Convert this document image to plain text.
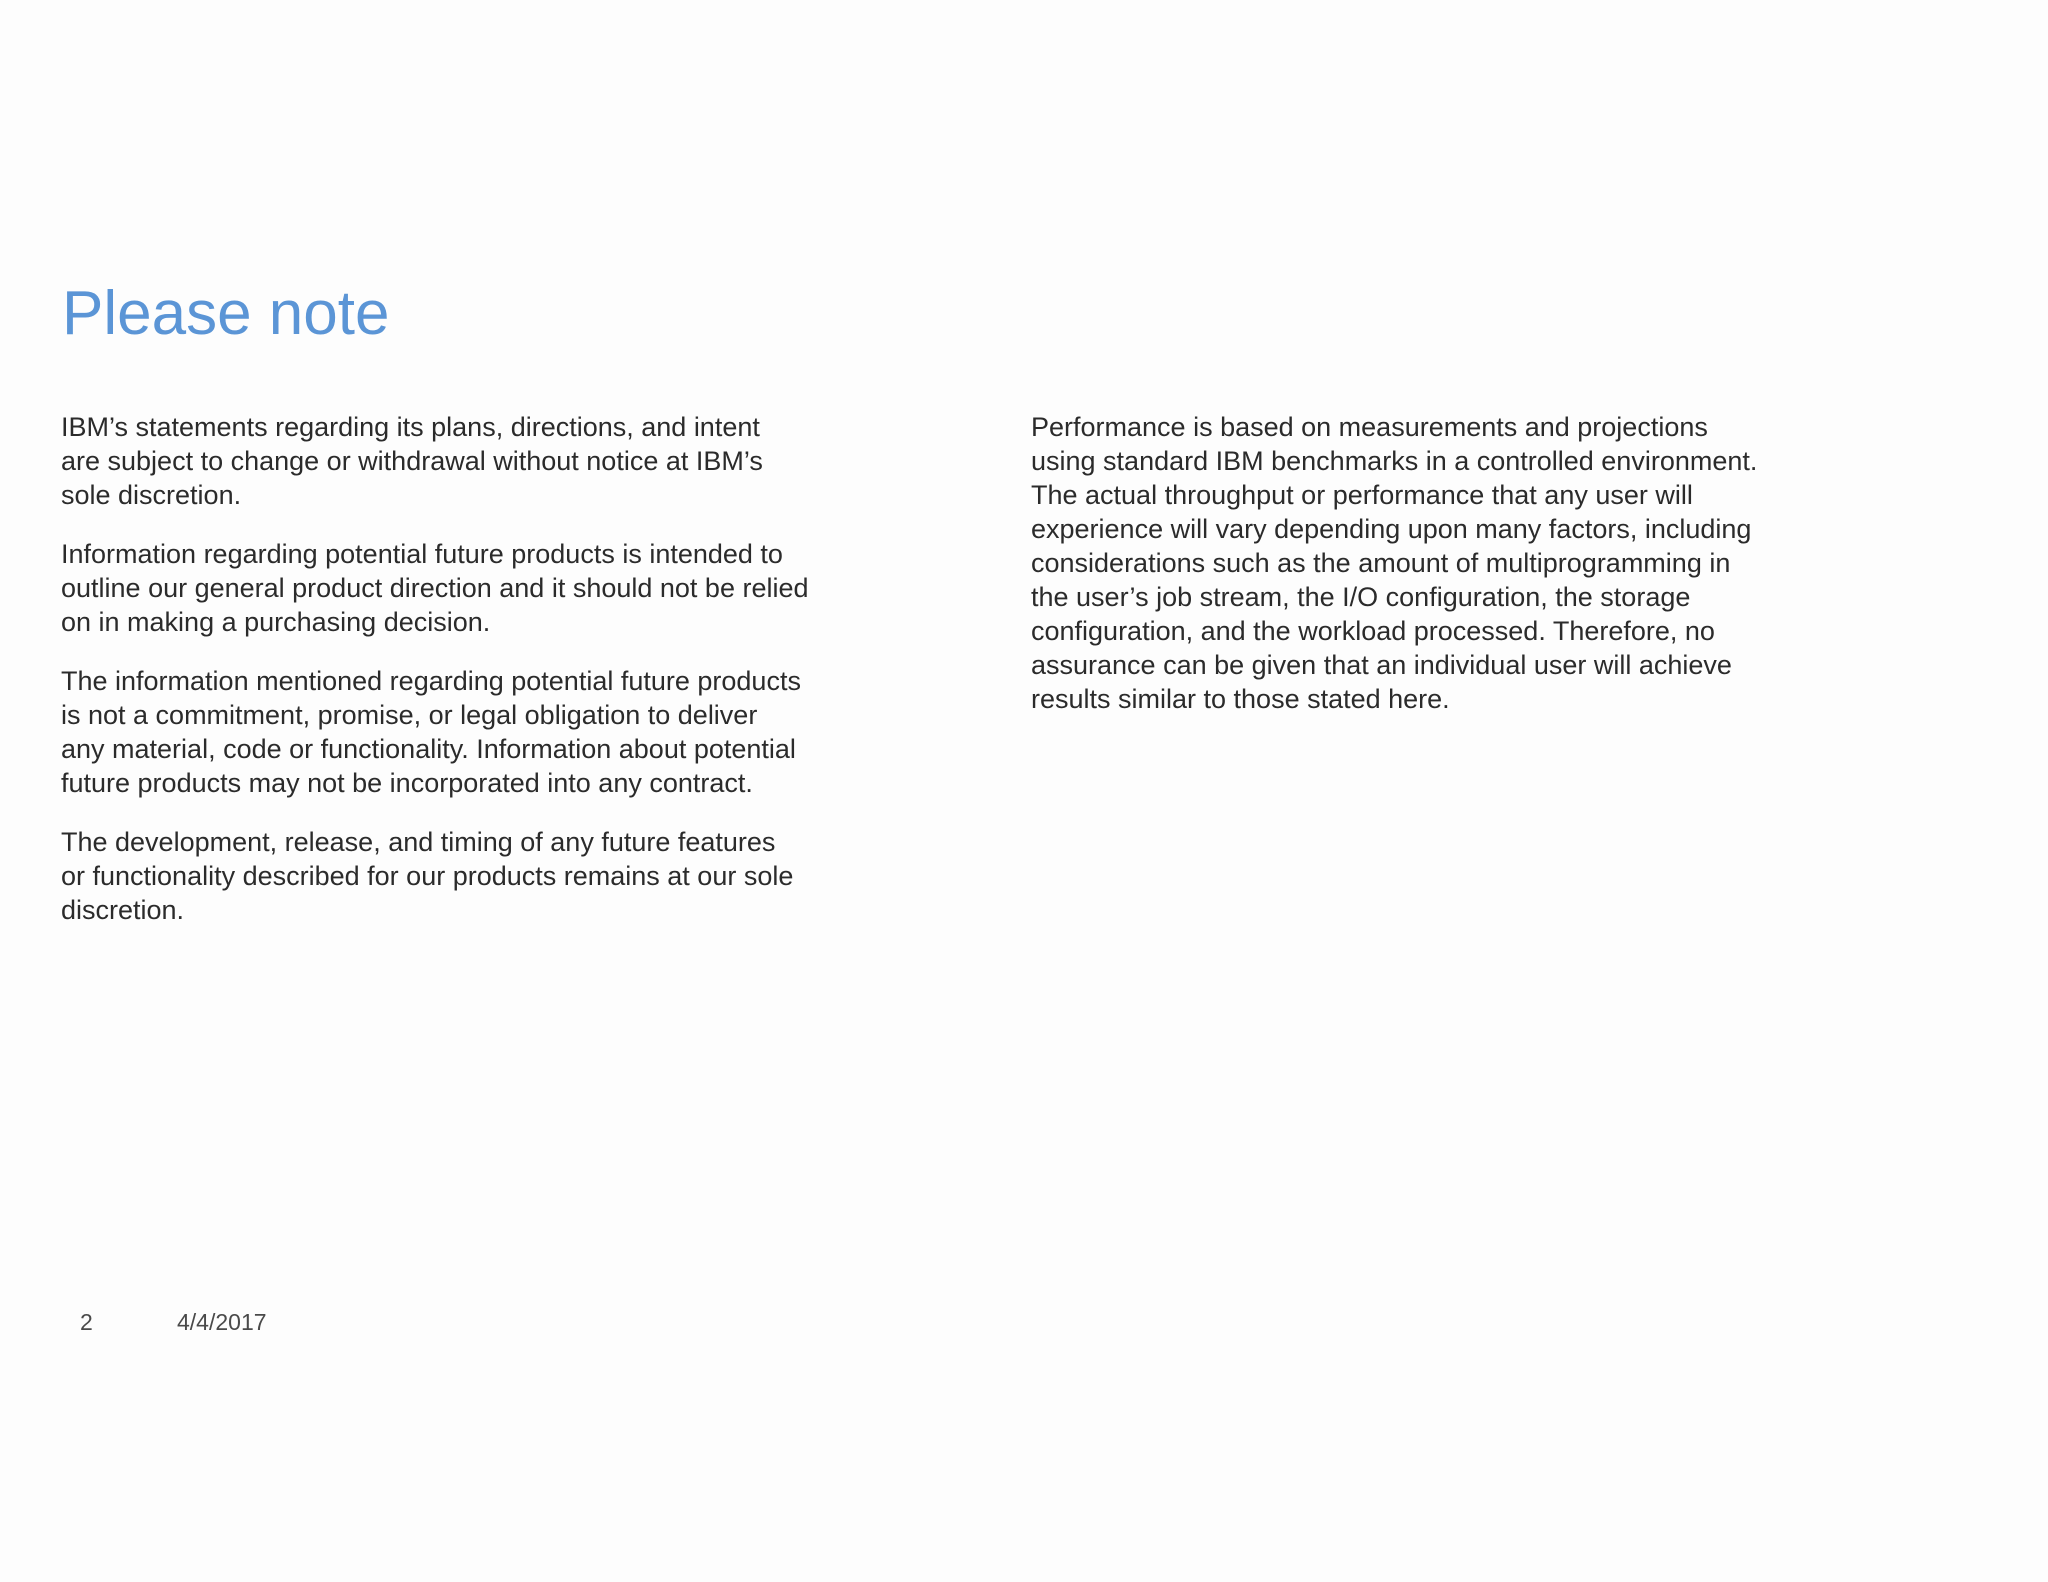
Please note

IBM’s statements regarding its plans, directions, and intent
are subject to change or withdrawal without notice at IBM’s
sole discretion.

Information regarding potential future products is intended to
outline our general product direction and it should not be relied
on in making a purchasing decision.

The information mentioned regarding potential future products
is not a commitment, promise, or legal obligation to deliver
any material, code or functionality. Information about potential
future products may not be incorporated into any contract.

The development, release, and timing of any future features
or functionality described for our products remains at our sole
discretion.

Performance is based on measurements and projections
using standard IBM benchmarks in a controlled environment.
The actual throughput or performance that any user will
experience will vary depending upon many factors, including
considerations such as the amount of multiprogramming in
the user’s job stream, the I/O configuration, the storage
configuration, and the workload processed. Therefore, no
assurance can be given that an individual user will achieve
results similar to those stated here.

2	4/4/2017
